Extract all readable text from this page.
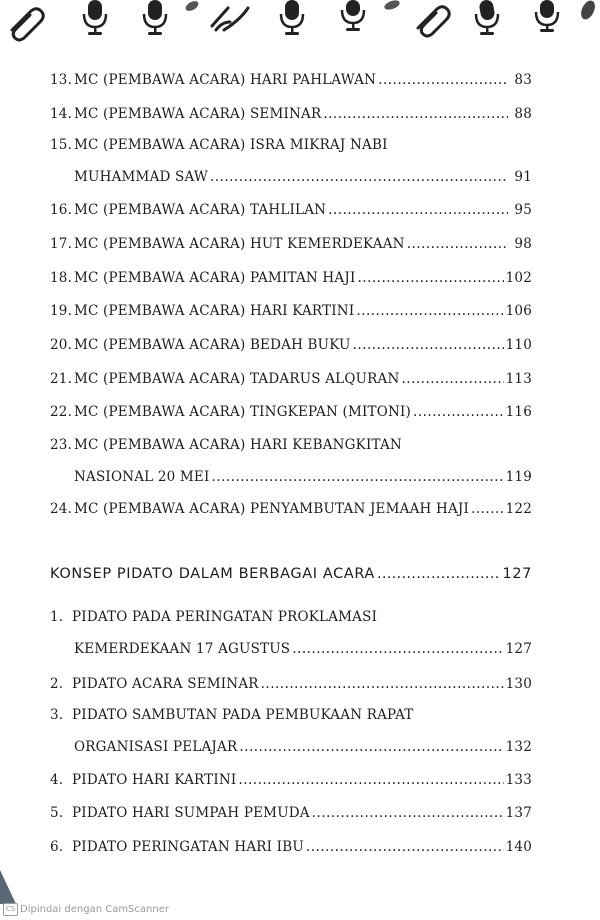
13. MC (PEMBAWA ACARA) HARI PAHLAWAN .....	83
14. MC (PEMBAWA ACARA) SEMINAR .....	88
15. MC (PEMBAWA ACARA) ISRA MIKRAJ NABI
MUHAMMAD SAW .....	91
16. MC (PEMBAWA ACARA) TAHLILAN .....	95
17. MC (PEMBAWA ACARA) HUT KEMERDEKAAN .....	98
18. MC (PEMBAWA ACARA) PAMITAN HAJI .....	102
19. MC (PEMBAWA ACARA) HARI KARTINI .....	106
20. MC (PEMBAWA ACARA) BEDAH BUKU .....	110
21. MC (PEMBAWA ACARA) TADARUS ALQURAN .....	113
22. MC (PEMBAWA ACARA) TINGKEPAN (MITONI) .....	116
23. MC (PEMBAWA ACARA) HARI KEBANGKITAN
NASIONAL 20 MEI .....	119
24. MC (PEMBAWA ACARA) PENYAMBUTAN JEMAAH HAJI .....	122
1. PIDATO PADA PERINGATAN PROKLAMASI
KEMERDEKAAN 17 AGUSTUS .....	127
2. PIDATO ACARA SEMINAR .....	130
3. PIDATO SAMBUTAN PADA PEMBUKAAN RAPAT
ORGANISASI PELAJAR .....	132
4. PIDATO HARI KARTINI .....	133
5. PIDATO HARI SUMPAH PEMUDA .....	137
6. PIDATO PERINGATAN HARI IBU .....	140
KONSEP PIDATO DALAM BERBAGAI ACARA .....	127
CS Dipindai dengan CamScanner
